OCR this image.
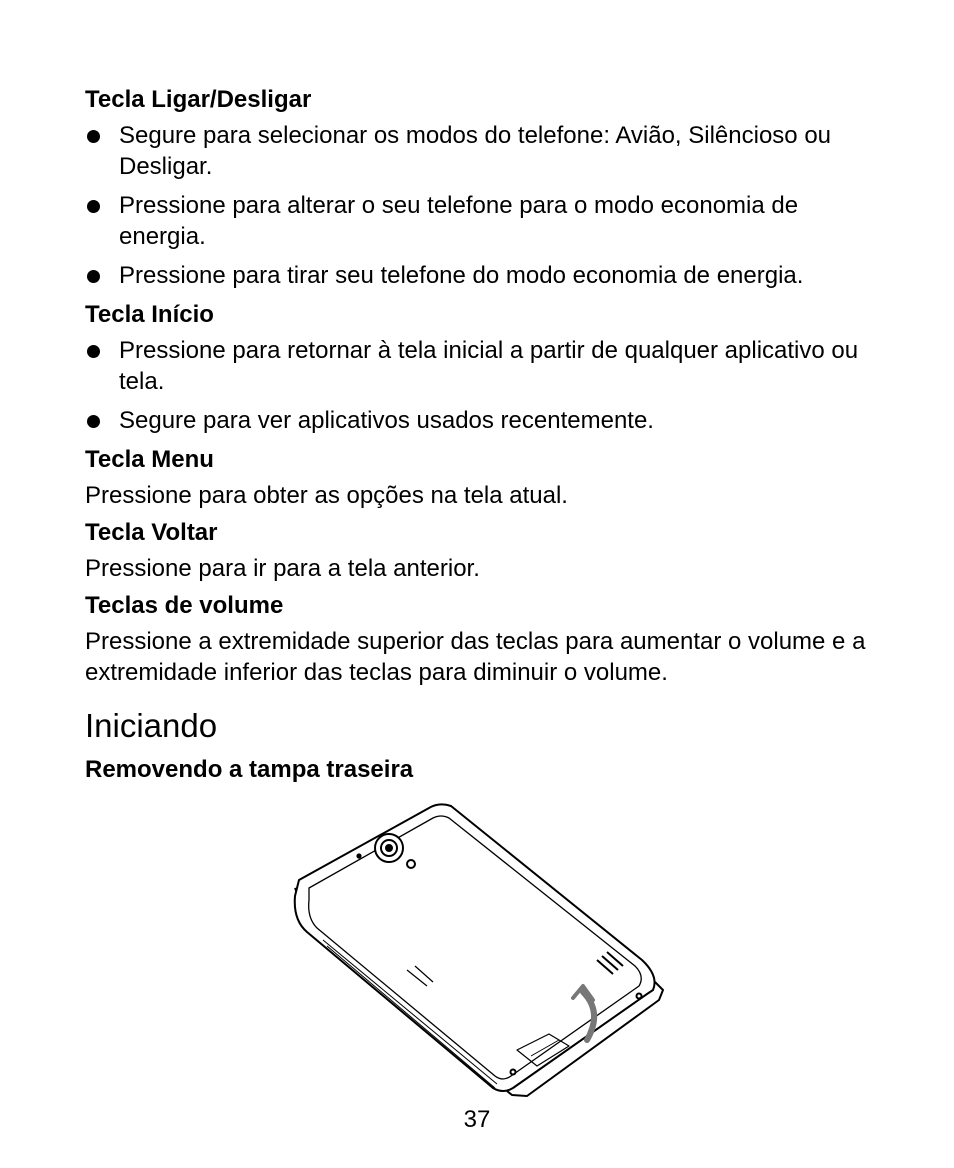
Tecla Ligar/Desligar
Segure para selecionar os modos do telefone: Avião, Silêncioso ou Desligar.
Pressione para alterar o seu telefone para o modo economia de energia.
Pressione para tirar seu telefone do modo economia de energia.
Tecla Início
Pressione para retornar à tela inicial a partir de qualquer aplicativo ou tela.
Segure para ver aplicativos usados recentemente.
Tecla Menu
Pressione para obter as opções na tela atual.
Tecla Voltar
Pressione para ir para a tela anterior.
Teclas de volume
Pressione a extremidade superior das teclas para aumentar o volume e a extremidade inferior das teclas para diminuir o volume.
Iniciando
Removendo a tampa traseira
37
